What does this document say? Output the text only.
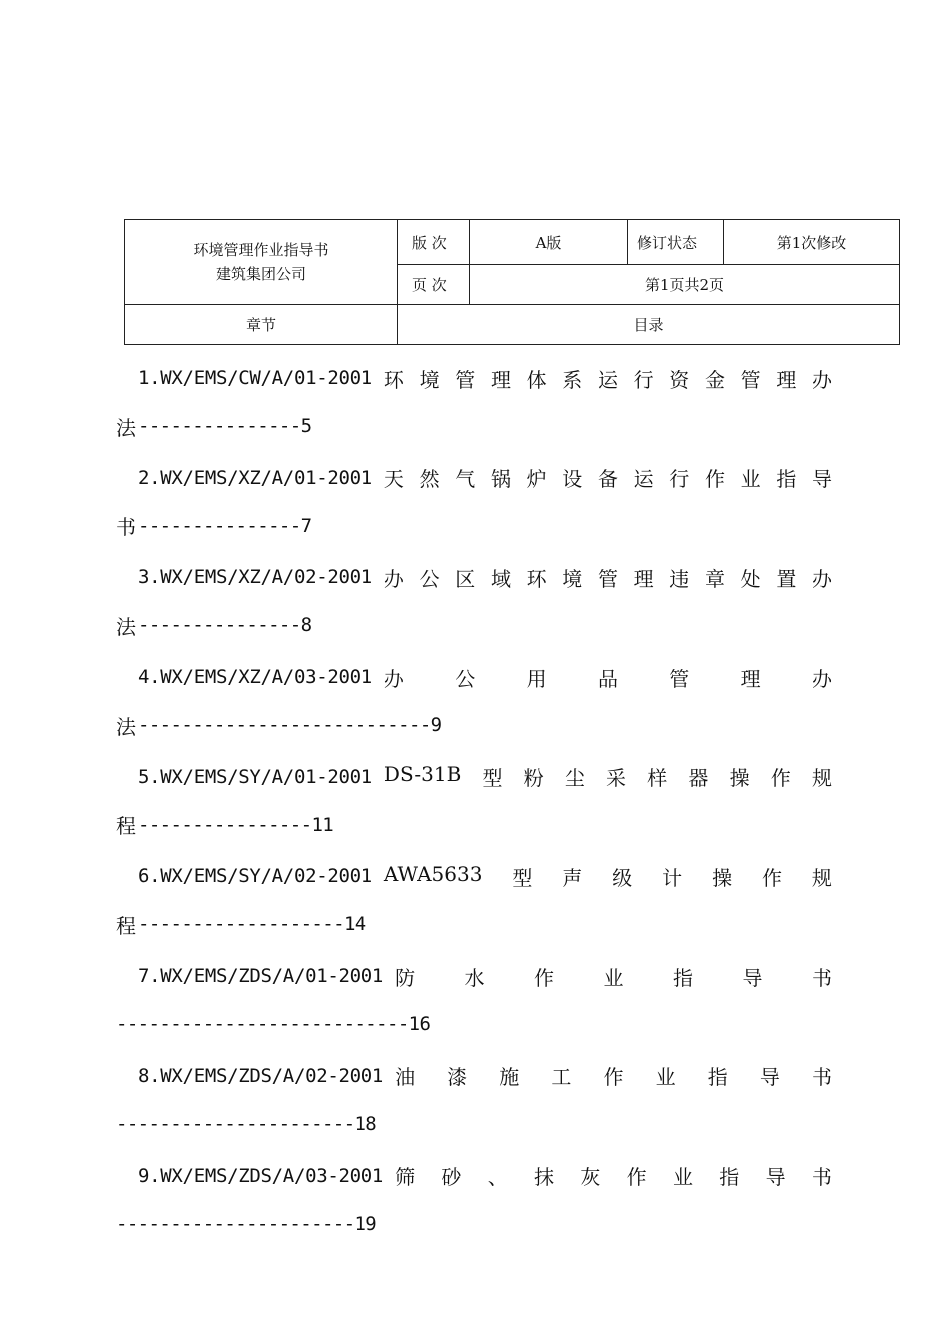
环境管理作业指导书
建筑集团公司	版 次	A版	修订状态	第1次修改
	页 次	第1页共2页		
章节	目录			
1.WX/EMS/CW/A/01-2001 环 境 管 理 体 系 运 行 资 金 管 理 办
法 --------------- 5
2.WX/EMS/XZ/A/01-2001 天 然 气 锅 炉 设 备 运 行 作 业 指 导
书 --------------- 7
3.WX/EMS/XZ/A/02-2001 办 公 区 域 环 境 管 理 违 章 处 置 办
法 --------------- 8
4.WX/EMS/XZ/A/03-2001 办	公	用	品	管	理	办
法 --------------------------- 9
5.WX/EMS/SY/A/01-2001 DS-31B 型 粉 尘 采 样 器 操 作 规
程 ---------------- 11
6.WX/EMS/SY/A/02-2001 AWA5633 型 声 级 计 操 作 规
程 ------------------- 14
7.WX/EMS/ZDS/A/01-2001 防 水 作 业 指 导 书
--------------------------- 16
8.WX/EMS/ZDS/A/02-2001 油 漆 施 工 作 业 指 导 书
---------------------- 18
9.WX/EMS/ZDS/A/03-2001 筛 砂 、 抹 灰 作 业 指 导 书
---------------------- 19
